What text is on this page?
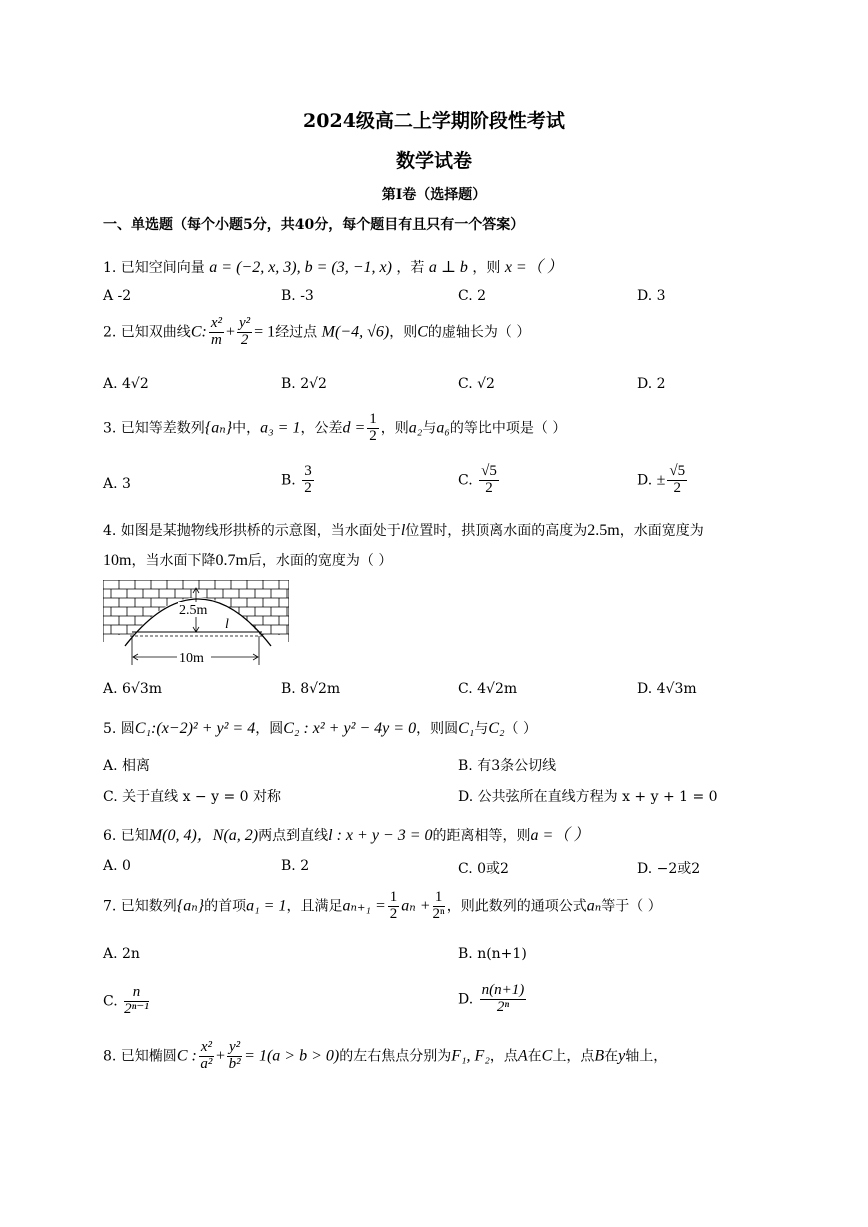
2024级高二上学期阶段性考试
数学试卷
第I卷（选择题）
一、单选题（每个小题5分，共40分，每个题目有且只有一个答案）
1. 已知空间向量 a = (−2, x, 3), b = (3, −1, x) ，若 a ⊥ b ，则 x =（ ）
A -2	B. -3	C. 2	D. 3
2. 已知双曲线C: $\frac{\text{x²}}{m} + \frac{\text{y²}}{2} = 1$经过点 M(−4, √6)，则C的虚轴长为（ ）
A. 4√2	B. 2√2	C. √2	D. 2
3. 已知等差数列{aₙ}中，a₃ = 1，公差$d = \frac{1}{2}$ ，则a₂与a₆的等比中项是（ ）
A. 3	B. $\frac{3}{2}$	C. $\frac{√5}{2}$	D. ± $\frac{√5}{2}$
4. 如图是某抛物线形拱桥的示意图，当水面处于l位置时，拱顶离水面的高度为2.5m，水面宽度为
10m，当水面下降0.7m后，水面的宽度为（ ）
2.5m
l
10m
A. 6√3m	B. 8√2m	C. 4√2m	D. 4√3m
5. 圆C₁:(x−2)² + y² = 4，圆C₂ : x² + y² − 4y = 0，则圆C₁与C₂（ ）
A. 相离	B. 有3条公切线
C. 关于直线 x − y = 0 对称	D. 公共弦所在直线方程为 x + y + 1 = 0
6. 已知M(0, 4)，N(a, 2)两点到直线l : x + y − 3 = 0的距离相等，则a =（ ）
A. 0	B. 2	C. 0或2	D. −2或2
7. 已知数列{aₙ}的首项a₁ = 1，且满足$a_{n+1} = \frac{1}{2}$ $a_n + \frac{1}{\text{2ⁿ}}$ ，则此数列的通项公式aₙ等于（ ）
A. 2n	B. n(n+1)
C. $\frac{n}{\text{2ⁿ⁻¹}}$	D. $\frac{n(n+1)}{\text{2ⁿ}}$
8. 已知椭圆C : $\frac{\text{x²}}{\text{a²}} + \frac{\text{y²}}{\text{b²}} = 1(a > b > 0)$的左右焦点分别为F₁, F₂，点A在C上，点B在y轴上，
